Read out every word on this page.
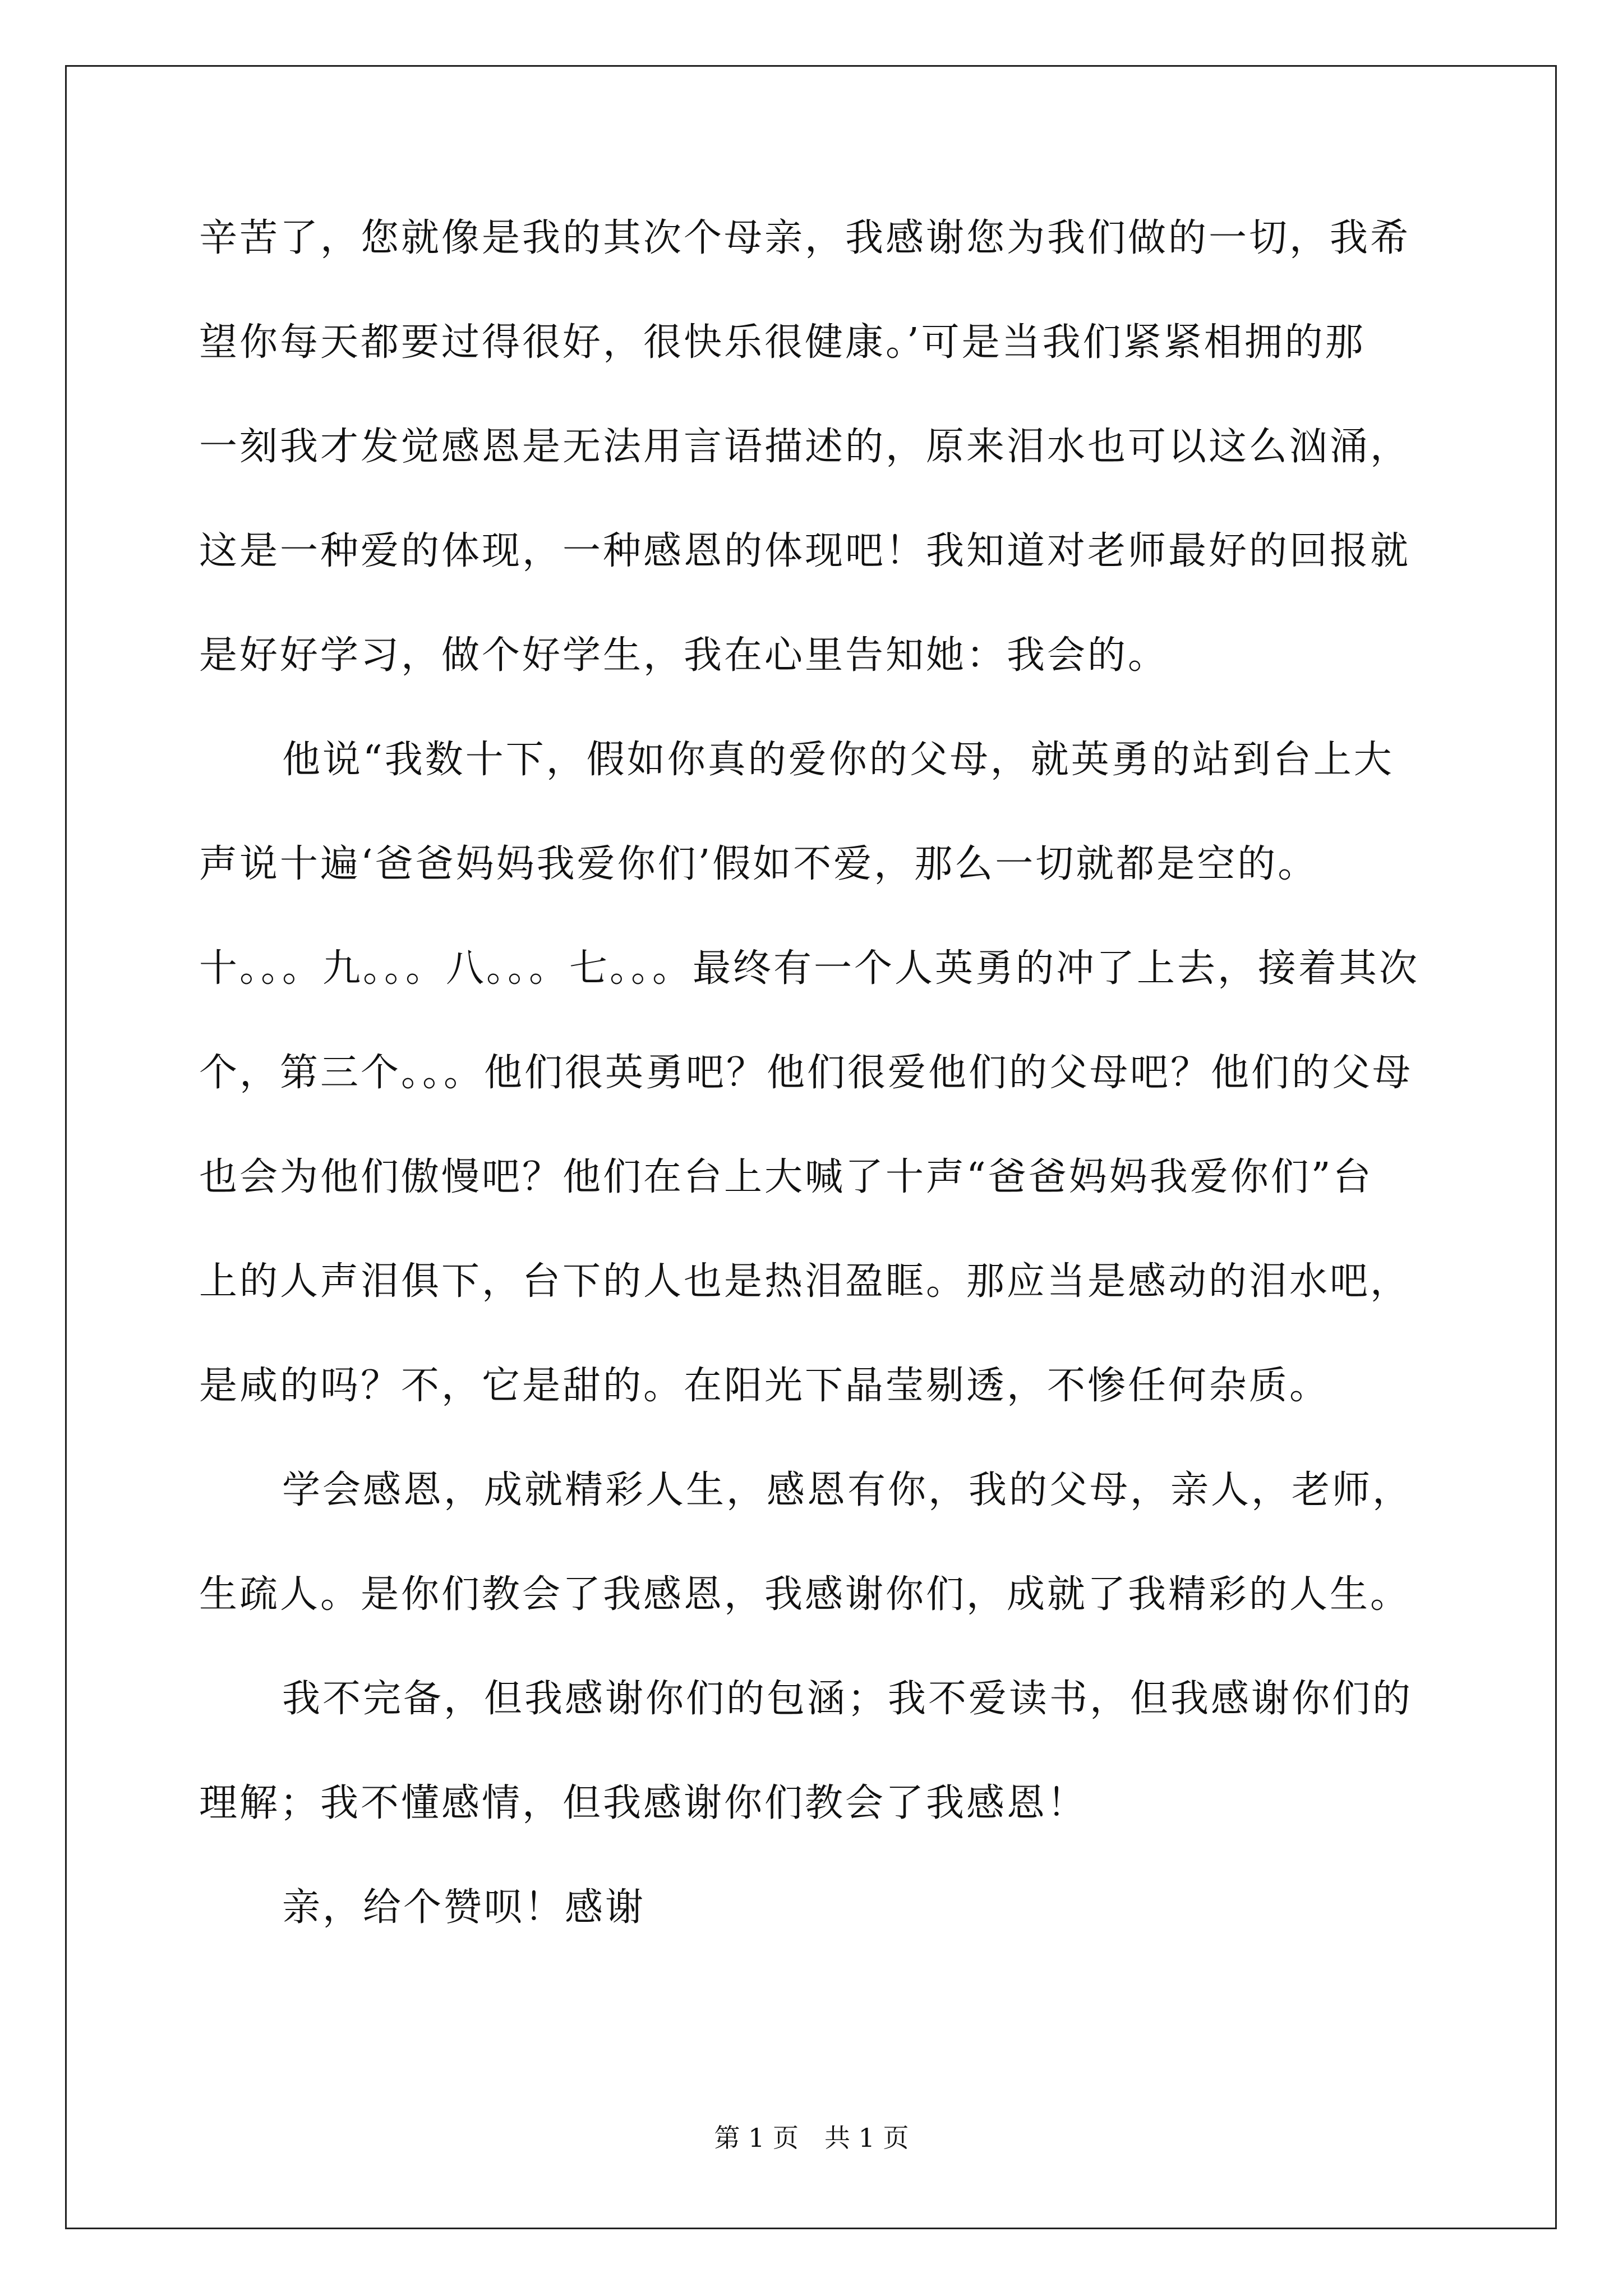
辛苦了，您就像是我的其次个母亲，我感谢您为我们做的一切，我希
望你每天都要过得很好，很快乐很健康。’可是当我们紧紧相拥的那
一刻我才发觉感恩是无法用言语描述的，原来泪水也可以这么汹涌，
这是一种爱的体现，一种感恩的体现吧！我知道对老师最好的回报就
是好好学习，做个好学生，我在心里告知她：我会的。
他说“我数十下，假如你真的爱你的父母，就英勇的站到台上大
声说十遍‘爸爸妈妈我爱你们’假如不爱，那么一切就都是空的。
十。。。九。。。八。。。七。。。最终有一个人英勇的冲了上去，接着其次
个，第三个。。。他们很英勇吧？他们很爱他们的父母吧？他们的父母
也会为他们傲慢吧？他们在台上大喊了十声“爸爸妈妈我爱你们”台
上的人声泪俱下，台下的人也是热泪盈眶。那应当是感动的泪水吧，
是咸的吗？不，它是甜的。在阳光下晶莹剔透，不惨任何杂质。
学会感恩，成就精彩人生，感恩有你，我的父母，亲人，老师，
生疏人。是你们教会了我感恩，我感谢你们，成就了我精彩的人生。
我不完备，但我感谢你们的包涵；我不爱读书，但我感谢你们的
理解；我不懂感情，但我感谢你们教会了我感恩！
亲，给个赞呗！感谢
第 1 页　共 1 页
